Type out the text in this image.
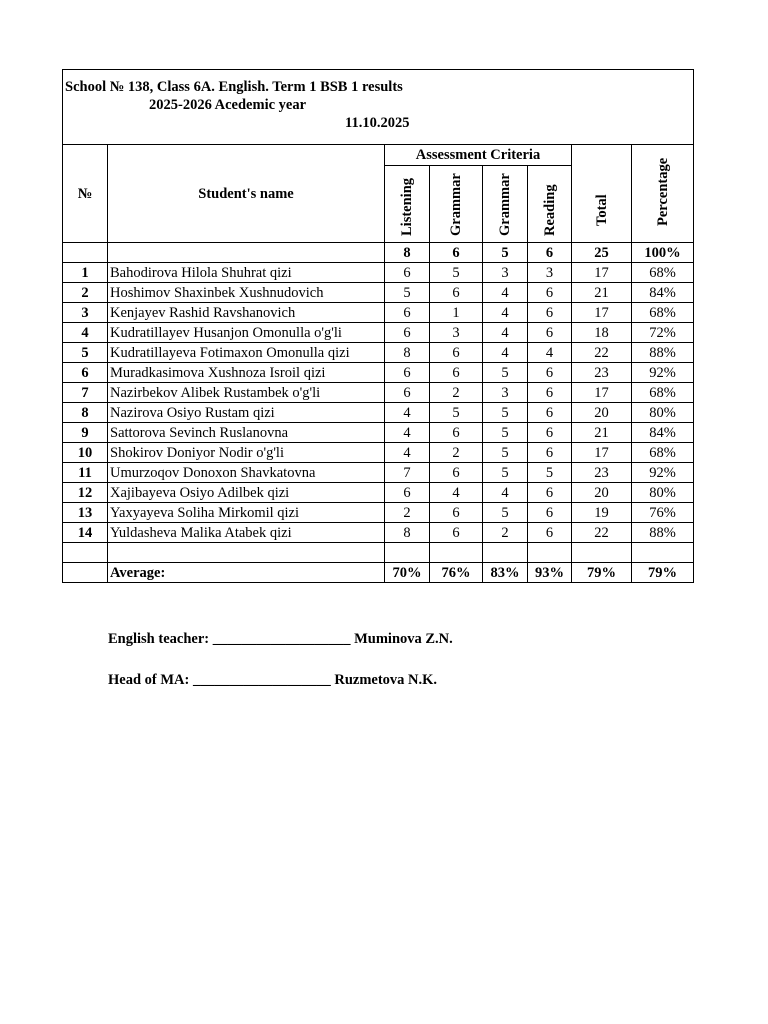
School № 138, Class 6A. English. Term 1 BSB 1 results
2025-2026 Acedemic year
11.10.2025							

№	Student's name	Assessment Criteria				Total	Percentage

		Listening	Grammar	Grammar	Reading		

		8	6	5	6	25	100%
1	Bahodirova Hilola Shuhrat qizi	6	5	3	3	17	68%
2	Hoshimov Shaxinbek Xushnudovich	5	6	4	6	21	84%
3	Kenjayev Rashid Ravshanovich	6	1	4	6	17	68%
4	Kudratillayev Husanjon Omonulla o'g'li	6	3	4	6	18	72%
5	Kudratillayeva Fotimaxon Omonulla qizi	8	6	4	4	22	88%
6	Muradkasimova Xushnoza Isroil qizi	6	6	5	6	23	92%
7	Nazirbekov Alibek Rustambek o'g'li	6	2	3	6	17	68%
8	Nazirova Osiyo Rustam qizi	4	5	5	6	20	80%
9	Sattorova Sevinch Ruslanovna	4	6	5	6	21	84%
10	Shokirov Doniyor Nodir o'g'li	4	2	5	6	17	68%
11	Umurzoqov Donoxon Shavkatovna	7	6	5	5	23	92%
12	Xajibayeva Osiyo Adilbek qizi	6	4	4	6	20	80%
13	Yaxyayeva Soliha Mirkomil qizi	2	6	5	6	19	76%
14	Yuldasheva Malika Atabek qizi	8	6	2	6	22	88%

	Average:	70%	76%	83%	93%	79%	79%
English teacher: ___________________ Muminova Z.N.
Head of MA: ___________________ Ruzmetova N.K.
